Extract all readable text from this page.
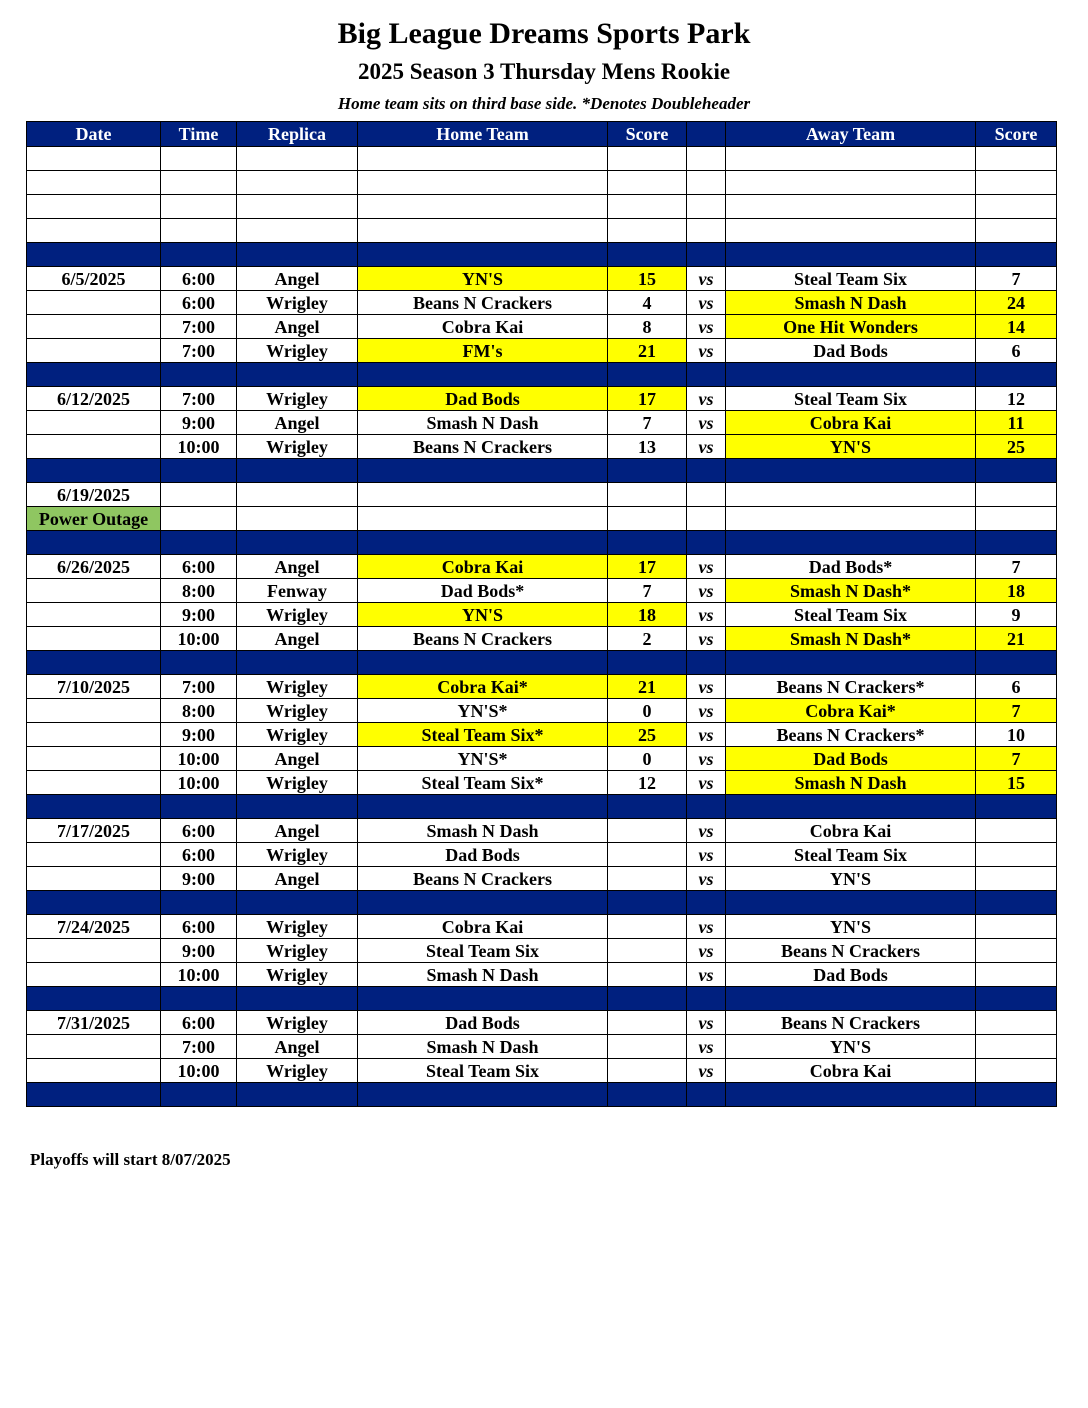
Big League Dreams Sports Park
2025 Season 3 Thursday Mens Rookie
Home team sits on third base side. *Denotes Doubleheader
Date	Time	Replica	Home Team	Score		Away Team	Score

6/5/2025	6:00	Angel	YN'S	15	vs	Steal Team Six	7
	6:00	Wrigley	Beans N Crackers	4	vs	Smash N Dash	24
	7:00	Angel	Cobra Kai	8	vs	One Hit Wonders	14
	7:00	Wrigley	FM's	21	vs	Dad Bods	6

6/12/2025	7:00	Wrigley	Dad Bods	17	vs	Steal Team Six	12
	9:00	Angel	Smash N Dash	7	vs	Cobra Kai	11
	10:00	Wrigley	Beans N Crackers	13	vs	YN'S	25

6/19/2025							
Power Outage							

6/26/2025	6:00	Angel	Cobra Kai	17	vs	Dad Bods*	7
	8:00	Fenway	Dad Bods*	7	vs	Smash N Dash*	18
	9:00	Wrigley	YN'S	18	vs	Steal Team Six	9
	10:00	Angel	Beans N Crackers	2	vs	Smash N Dash*	21

7/10/2025	7:00	Wrigley	Cobra Kai*	21	vs	Beans N Crackers*	6
	8:00	Wrigley	YN'S*	0	vs	Cobra Kai*	7
	9:00	Wrigley	Steal Team Six*	25	vs	Beans N Crackers*	10
	10:00	Angel	YN'S*	0	vs	Dad Bods	7
	10:00	Wrigley	Steal Team Six*	12	vs	Smash N Dash	15

7/17/2025	6:00	Angel	Smash N Dash		vs	Cobra Kai	
	6:00	Wrigley	Dad Bods		vs	Steal Team Six	
	9:00	Angel	Beans N Crackers		vs	YN'S	

7/24/2025	6:00	Wrigley	Cobra Kai		vs	YN'S	
	9:00	Wrigley	Steal Team Six		vs	Beans N Crackers	
	10:00	Wrigley	Smash N Dash		vs	Dad Bods	

7/31/2025	6:00	Wrigley	Dad Bods		vs	Beans N Crackers	
	7:00	Angel	Smash N Dash		vs	YN'S	
	10:00	Wrigley	Steal Team Six		vs	Cobra Kai	

Playoffs will start 8/07/2025
